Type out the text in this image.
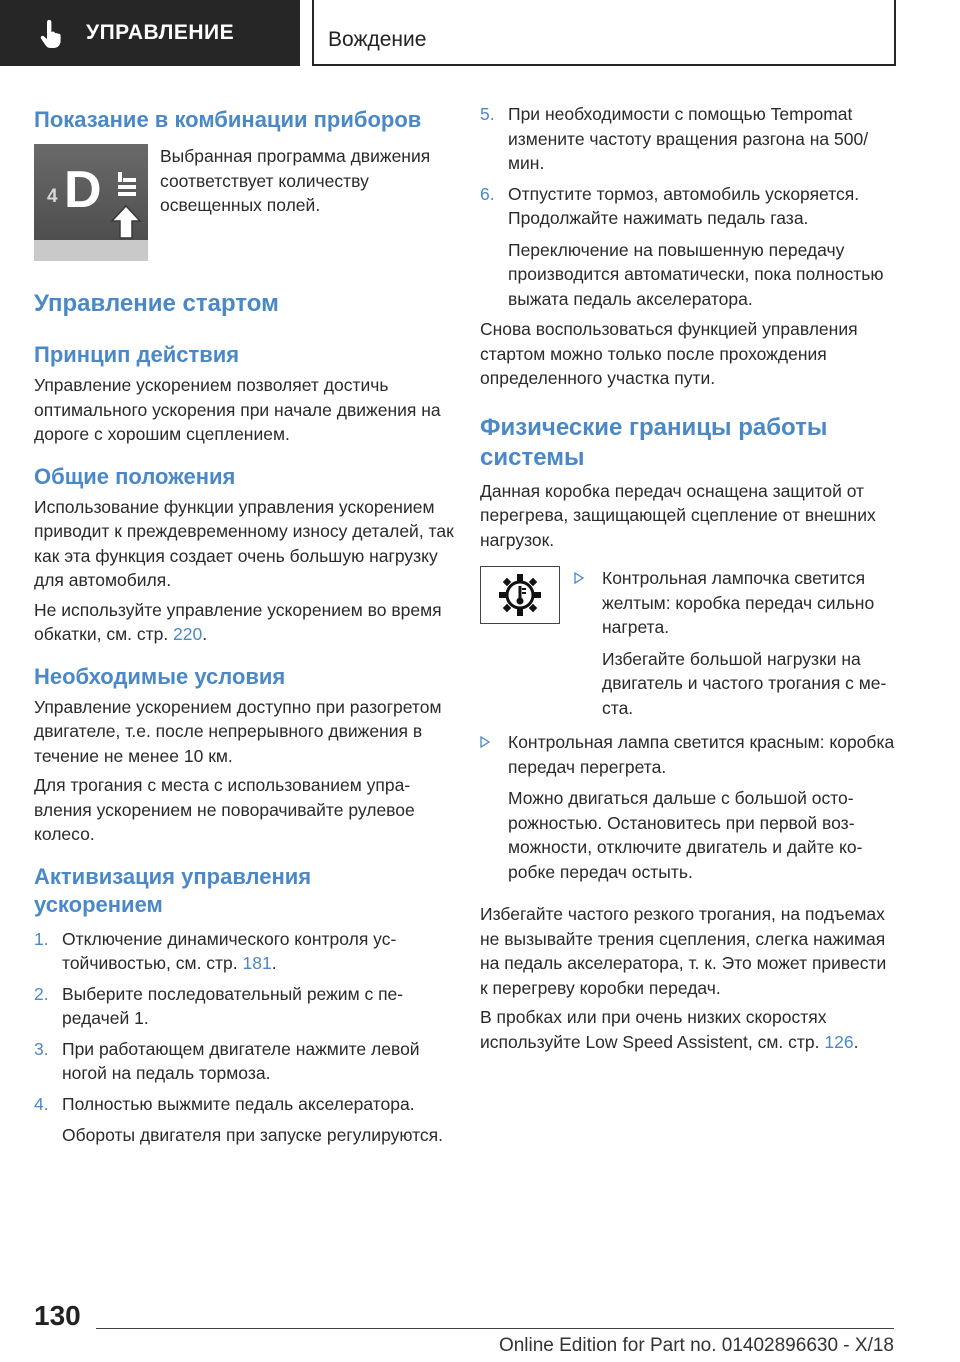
УПРАВЛЕНИЕ	Вождение
Показание в комбинации приборов
4 D

Выбранная программа движения соответствует количеству освещенных полей.

Управление стартом
Принцип действия

Управление ускорением позволяет достичь оптимального ускорения при начале движения на дороге с хорошим сцеплением.

Общие положения

Использование функции управления ускорением приводит к преждевременному износу деталей, так как эта функция создает очень большую нагрузку для автомобиля.

Не используйте управление ускорением во время обкатки, см. стр. 220.

Необходимые условия

Управление ускорением доступно при разогретом двигателе, т.е. после непрерывного движения в течение не менее 10 км.

Для трогания с места с использованием управления ускорением не поворачивайте рулевое колесо.

Активизация управления ускорением
1. Отключение динамического контроля устойчивостью, см. стр. 181.

2. Выберите последовательный режим с передачей 1.

3. При работающем двигателе нажмите левой ногой на педаль тормоза.

4. Полностью выжмите педаль акселератора.

Обороты двигателя при запуске регулируются.

5. При необходимости с помощью Tempomat измените частоту вращения разгона на 500/мин.

6. Отпустите тормоз, автомобиль ускоряется. Продолжайте нажимать педаль газа.

Переключение на повышенную передачу производится автоматически, пока полностью выжата педаль акселератора.

Снова воспользоваться функцией управления стартом можно только после прохождения определенного участка пути.

Физические границы работы системы

Данная коробка передач оснащена защитой от перегрева, защищающей сцепление от внешних нагрузок.

Контрольная лампочка светится желтым: коробка передач сильно нагрета.

Избегайте большой нагрузки на двигатель и частого трогания с места.

Контрольная лампа светится красным: коробка передач перегрета.

Можно двигаться дальше с большой осторожностью. Остановитесь при первой возможности, отключите двигатель и дайте коробке передач остыть.

Избегайте частого резкого трогания, на подъемах не вызывайте трения сцепления, слегка нажимая на педаль акселератора, т. к. Это может привести к перегреву коробки передач.

В пробках или при очень низких скоростях используйте Low Speed Assistent, см. стр. 126.

130
Online Edition for Part no. 01402896630 - X/18
